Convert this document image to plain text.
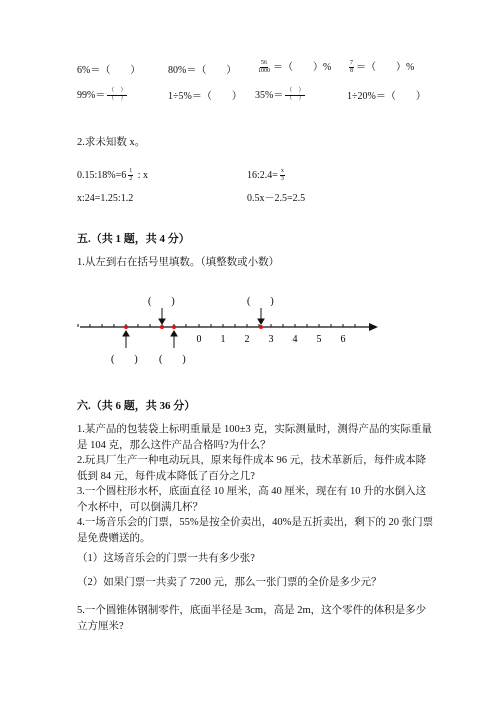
6%＝（　　）	80%＝（　　）	$\frac{56}{1000}$ ＝（　　）%	$\frac{7}{8}$ ＝（　　）%
$99\%= \frac{( )}{( )}$	1÷5%＝（　　） $35\%= \frac{( )}{( )}$	1÷20%＝（　　）
2.求未知数 x。
0.15:18%=6 $\frac{1}{2}$ : x	16:2.4= $\frac{x}{3}$
x:24=1.25:1.2	0.5x－2.5=2.5
五.（共 1 题，共 4 分）
1.从左到右在括号里填数。（填整数或小数）
(　　)	(　　)
(　　) (　　)
0 1 2 3 4 5 6
六.（共 6 题，共 36 分）
1.某产品的包装袋上标明重量是 100±3 克，实际测量时，测得产品的实际重量是 104 克，那么这件产品合格吗?为什么？
2.玩具厂生产一种电动玩具，原来每件成本 96 元，技术革新后，每件成本降低到 84 元，每件成本降低了百分之几?
3.一个圆柱形水杯，底面直径 10 厘米，高 40 厘米，现在有 10 升的水倒入这个水杯中，可以倒满几杯？
4.一场音乐会的门票，55%是按全价卖出，40%是五折卖出，剩下的 20 张门票是免费赠送的。
（1）这场音乐会的门票一共有多少张?
（2）如果门票一共卖了 7200 元，那么一张门票的全价是多少元？
5.一个圆锥体钢制零件，底面半径是 3cm，高是 2m，这个零件的体积是多少立方厘米?
